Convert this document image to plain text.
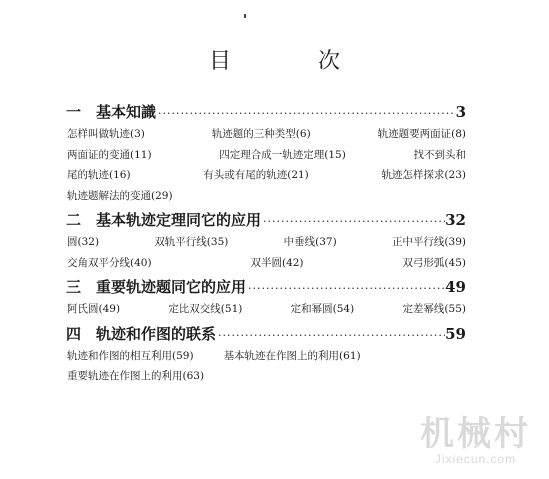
目 次
一 基本知識 ·····	3
怎样叫做轨迹(3)	轨迹题的三种类型(6)	轨迹题要两面证(8)
两面证的变通(11)	四定理合成一轨迹定理(15)	找不到头和
尾的轨迹(16)	有头或有尾的轨迹(21)	轨迹怎样探求(23)
轨迹题解法的变通(29)
二 基本轨迹定理同它的应用 ·····	32
圆(32)	双轨平行线(35)	中垂线(37)	正中平行线(39)
交角双平分线(40)	双半圆(42)	双弓形弧(45)
三 重要轨迹题同它的应用 ·····	49
阿氏圆(49)	定比双交线(51)	定和幂圆(54)	定差幂线(55)
四 轨迹和作图的联系 ·····	59
轨迹和作图的相互利用(59)	基本轨迹在作图上的利用(61)
重要轨迹在作图上的利用(63)
机械村
Jixiecun.com
